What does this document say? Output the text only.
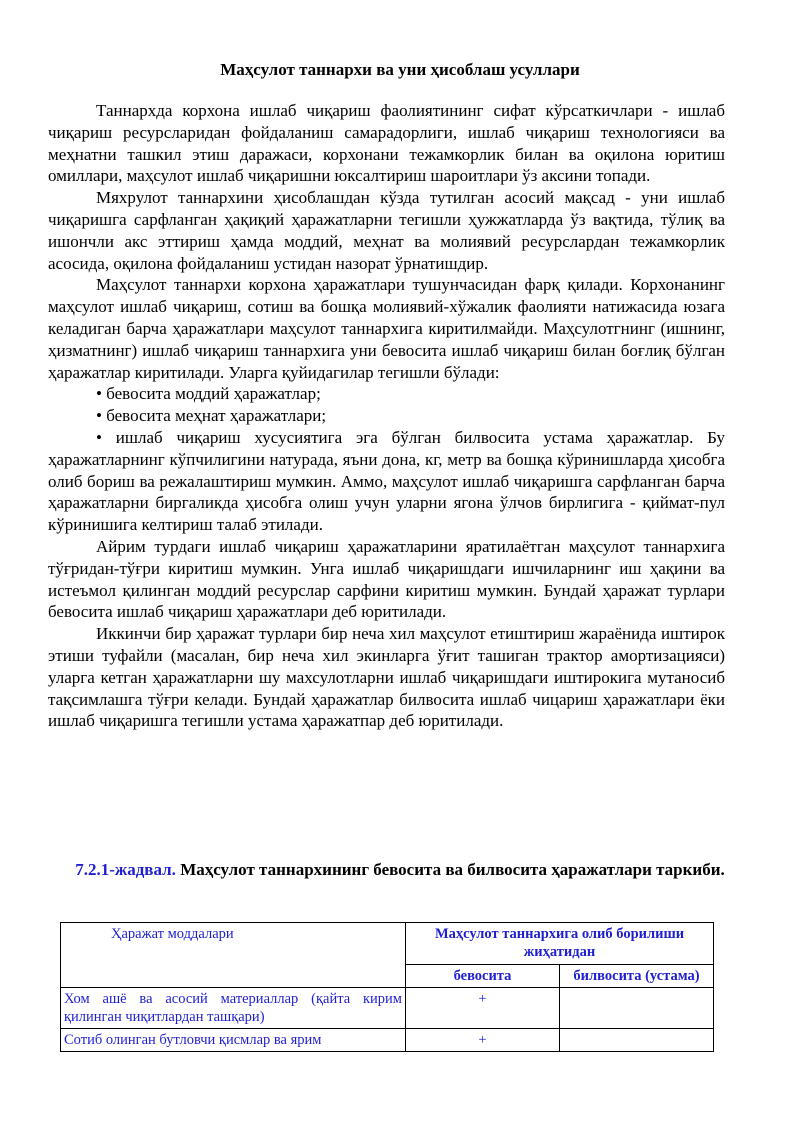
Маҳсулот таннархи ва уни ҳисоблаш усуллари

Таннархда корхона ишлаб чиқариш фаолиятининг сифат кўрсаткичлари - ишлаб чиқариш ресурсларидан фойдаланиш самарадорлиги, ишлаб чиқариш технологияси ва меҳнатни ташкил этиш даражаси, корхонани тежамкорлик билан ва оқилона юритиш омиллари, маҳсулот ишлаб чиқаришни юксалтириш шароитлари ўз аксини топади.

Мяхрулот таннархини ҳисоблашдан кўзда тутилган асосий мақсад - уни ишлаб чиқаришга сарфланган ҳақиқий ҳаражатларни тегишли ҳужжатларда ўз вақтида, тўлиқ ва ишончли акс эттириш ҳамда моддий, меҳнат ва молиявий ресурслардан тежамкорлик асосида, оқилона фойдаланиш устидан назорат ўрнатишдир.

Маҳсулот таннархи корхона ҳаражатлари тушунчасидан фарқ қилади. Корхонанинг маҳсулот ишлаб чиқариш, сотиш ва бошқа молиявий-хўжалик фаолияти натижасида юзага келадиган барча ҳаражатлари маҳсулот таннархига киритилмайди. Маҳсулотгнинг (ишнинг, ҳизматнинг) ишлаб чиқариш таннархига уни бевосита ишлаб чиқариш билан боғлиқ бўлган ҳаражатлар киритилади. Уларга қуйидагилар тегишли бўлади:

• бевосита моддий ҳаражатлар;

• бевосита меҳнат ҳаражатлари;

• ишлаб чиқариш хусусиятига эга бўлган билвосита устама ҳаражатлар. Бу ҳаражатларнинг кўпчилигини натурада, яъни дона, кг, метр ва бошқа кўринишларда ҳисобга олиб бориш ва режалаштириш мумкин. Аммо, маҳсулот ишлаб чиқаришга сарфланган барча ҳаражатларни биргаликда ҳисобга олиш учун уларни ягона ўлчов бирлигига - қиймат-пул кўринишига келтириш талаб этилади.

Айрим турдаги ишлаб чиқариш ҳаражатларини яратилаётган маҳсулот таннархига тўғридан-тўғри киритиш мумкин. Унга ишлаб чиқаришдаги ишчиларнинг иш ҳақини ва истеъмол қилинган моддий ресурслар сарфини киритиш мумкин. Бундай ҳаражат турлари бевосита ишлаб чиқариш ҳаражатлари деб юритилади.

Иккинчи бир ҳаражат турлари бир неча хил маҳсулот етиштириш жараёнида иштирок этиши туфайли (масалан, бир неча хил экинларга ўғит ташиган трактор амортизацияси) уларга кетган ҳаражатларни шу махсулотларни ишлаб чиқаришдаги иштирокига мутаносиб тақсимлашга тўғри келади. Бундай ҳаражатлар билвосита ишлаб чицариш ҳаражатлари ёки ишлаб чиқаришга тегишли устама ҳаражатпар деб юритилади.

7.2.1-жадвал. Маҳсулот таннархининг бевосита ва билвосита ҳаражатлари таркиби.
Ҳаражат моддалари	Маҳсулот таннархига олиб борилиши жиҳатидан	
	бевосита	билвосита (устама)
Хом ашё ва асосий материаллар (қайта кирим қилинган чиқитлардан ташқари)	+	
Сотиб олинган бутловчи қисмлар ва ярим	+	
